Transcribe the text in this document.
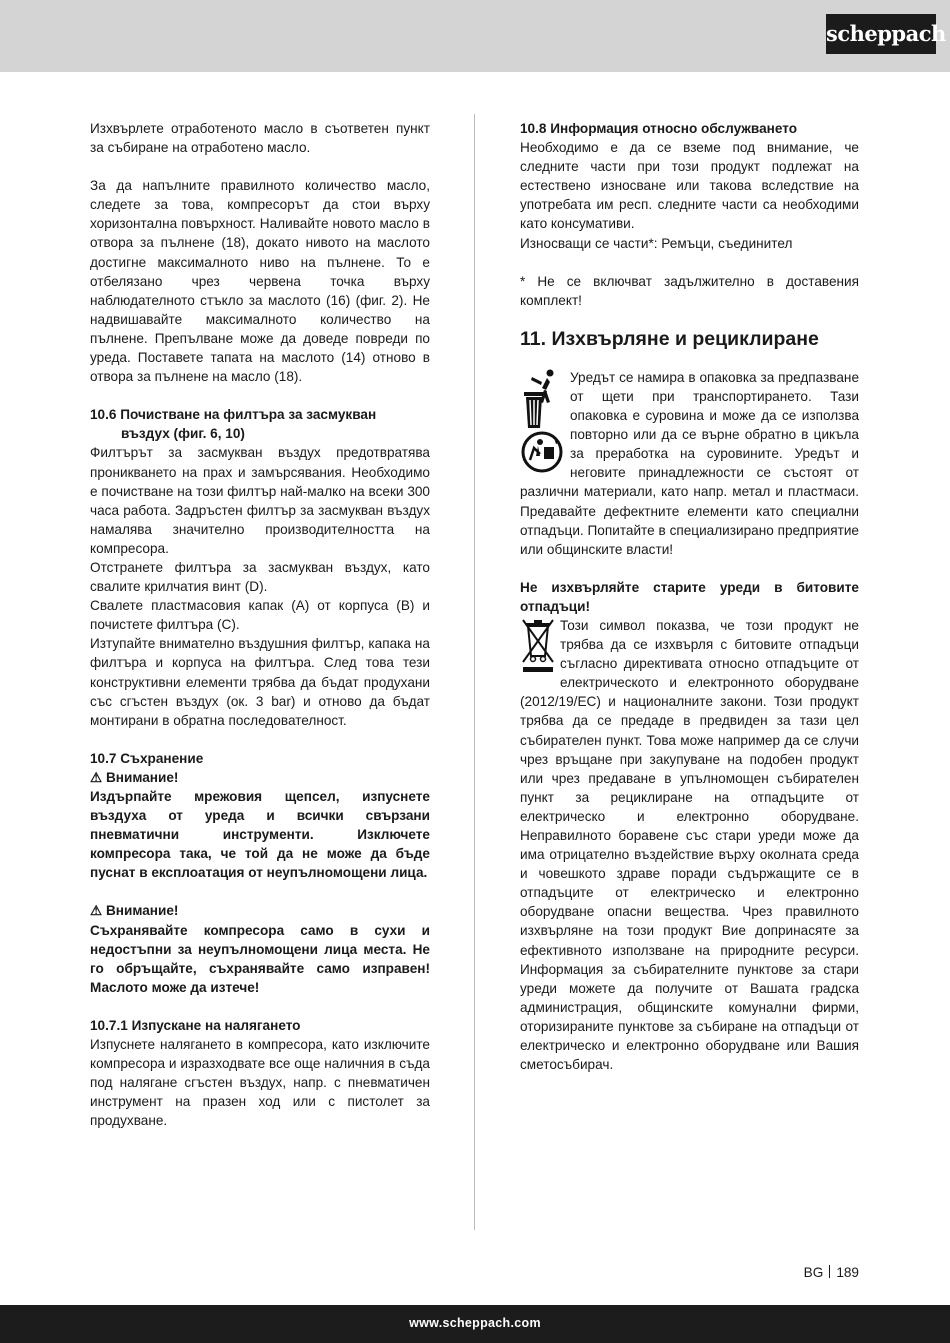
scheppach

Изхвърлете отработеното масло в съответен пункт за събиране на отработено масло.

За да напълните правилното количество масло, следете за това, компресорът да стои върху хоризонтална повърхност. Наливайте новото масло в отвора за пълнене (18), докато нивото на маслото достигне максималното ниво на пълнене. То е отбелязано чрез червена точка върху наблюдателното стъкло за маслото (16) (фиг. 2). Не надвишавайте максималното количество на пълнене. Препълване може да доведе повреди по уреда. Поставете тапата на маслото (14) отново в отвора за пълнене на масло (18).

10.6 Почистване на филтъра за засмукван
въздух (фиг. 6, 10)

Филтърът за засмукван въздух предотвратява проникването на прах и замърсявания. Необходимо е почистване на този филтър най-малко на всеки 300 часа работа. Задръстен филтър за засмукван въздух намалява значително производителността на компресора.

Отстранете филтъра за засмукван въздух, като свалите крилчатия винт (D).

Свалете пластмасовия капак (A) от корпуса (B) и почистете филтъра (C).

Изтупайте внимателно въздушния филтър, капака на филтъра и корпуса на филтъра. След това тези конструктивни елементи трябва да бъдат продухани със сгъстен въздух (ок. 3 bar) и отново да бъдат монтирани в обратна последователност.

10.7 Съхранение

⚠ Внимание!

Издърпайте мрежовия щепсел, изпуснете въздуха от уреда и всички свързани пневматични инструменти. Изключете компресора така, че той да не може да бъде пуснат в експлоатация от неупълномощени лица.

⚠ Внимание!

Съхранявайте компресора само в сухи и недостъпни за неупълномощени лица места. Не го обръщайте, съхранявайте само изправен! Маслото може да изтече!

10.7.1 Изпускане на налягането

Изпуснете налягането в компресора, като изключите компресора и изразходвате все още наличния в съда под налягане сгъстен въздух, напр. с пневматичен инструмент на празен ход или с пистолет за продухване.

10.8 Информация относно обслужването

Необходимо е да се вземе под внимание, че следните части при този продукт подлежат на естествено износване или такова вследствие на употребата им респ. следните части са необходими като консумативи.

Износващи се части*: Ремъци, съединител

* Не се включват задължително в доставения комплект!

11. Изхвърляне и рециклиране

Уредът се намира в опаковка за предпазване от щети при транспортирането. Тази опаковка е суровина и може да се използва повторно или да се върне обратно в цикъла за преработка на суровините. Уредът и неговите принадлежности се състоят от различни материали, като напр. метал и пластмаси. Предавайте дефектните елементи като специални отпадъци. Попитайте в специализирано предприятие или общинските власти!

Не изхвърляйте старите уреди в битовите отпадъци!

Този символ показва, че този продукт не трябва да се изхвърля с битовите отпадъци съгласно директивата относно отпадъците от електрическото и електронното оборудване (2012/19/ЕС) и националните закони. Този продукт трябва да се предаде в предвиден за тази цел събирателен пункт. Това може например да се случи чрез връщане при закупуване на подобен продукт или чрез предаване в упълномощен събирателен пункт за рециклиране на отпадъците от електрическо и електронно оборудване. Неправилното боравене със стари уреди може да има отрицателно въздействие върху околната среда и човешкото здраве поради съдържащите се в отпадъците от електрическо и електронно оборудване опасни вещества. Чрез правилното изхвърляне на този продукт Вие допринасяте за ефективното използване на природните ресурси. Информация за събирателните пунктове за стари уреди можете да получите от Вашата градска администрация, общинските комунални фирми, оторизираните пунктове за събиране на отпадъци от електрическо и електронно оборудване или Вашия сметосъбирач.

BG 189
www.scheppach.com
